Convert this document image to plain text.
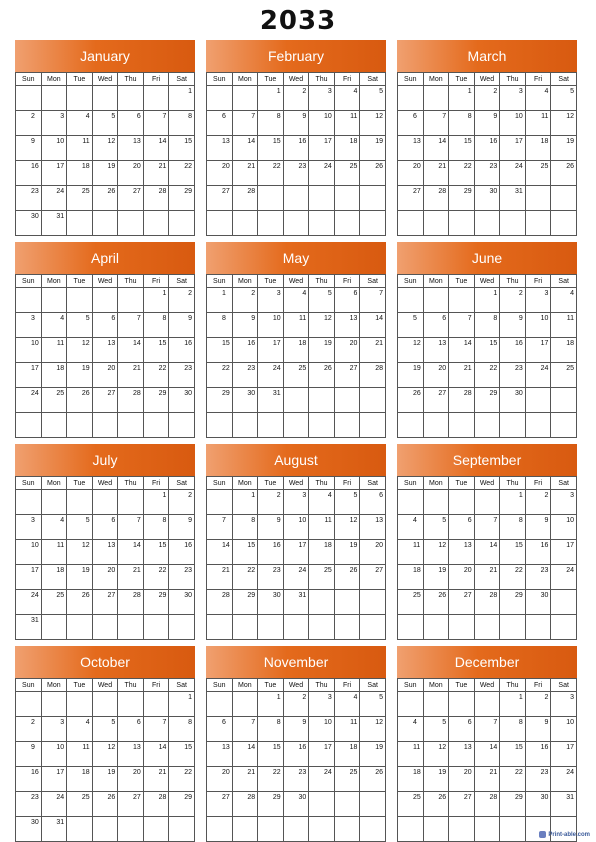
2033
January
Sun	Mon	Tue	Wed	Thu	Fri	Sat
						1
2	3	4	5	6	7	8
9	10	11	12	13	14	15
16	17	18	19	20	21	22
23	24	25	26	27	28	29
30	31					
February
Sun	Mon	Tue	Wed	Thu	Fri	Sat
		1	2	3	4	5
6	7	8	9	10	11	12
13	14	15	16	17	18	19
20	21	22	23	24	25	26
27	28					

March
Sun	Mon	Tue	Wed	Thu	Fri	Sat
		1	2	3	4	5
6	7	8	9	10	11	12
13	14	15	16	17	18	19
20	21	22	23	24	25	26
27	28	29	30	31		

April
Sun	Mon	Tue	Wed	Thu	Fri	Sat
					1	2
3	4	5	6	7	8	9
10	11	12	13	14	15	16
17	18	19	20	21	22	23
24	25	26	27	28	29	30

May
Sun	Mon	Tue	Wed	Thu	Fri	Sat
1	2	3	4	5	6	7
8	9	10	11	12	13	14
15	16	17	18	19	20	21
22	23	24	25	26	27	28
29	30	31				

June
Sun	Mon	Tue	Wed	Thu	Fri	Sat
			1	2	3	4
5	6	7	8	9	10	11
12	13	14	15	16	17	18
19	20	21	22	23	24	25
26	27	28	29	30		

July
Sun	Mon	Tue	Wed	Thu	Fri	Sat
					1	2
3	4	5	6	7	8	9
10	11	12	13	14	15	16
17	18	19	20	21	22	23
24	25	26	27	28	29	30
31						
August
Sun	Mon	Tue	Wed	Thu	Fri	Sat
	1	2	3	4	5	6
7	8	9	10	11	12	13
14	15	16	17	18	19	20
21	22	23	24	25	26	27
28	29	30	31			

September
Sun	Mon	Tue	Wed	Thu	Fri	Sat
				1	2	3
4	5	6	7	8	9	10
11	12	13	14	15	16	17
18	19	20	21	22	23	24
25	26	27	28	29	30	

October
Sun	Mon	Tue	Wed	Thu	Fri	Sat
						1
2	3	4	5	6	7	8
9	10	11	12	13	14	15
16	17	18	19	20	21	22
23	24	25	26	27	28	29
30	31					
November
Sun	Mon	Tue	Wed	Thu	Fri	Sat
		1	2	3	4	5
6	7	8	9	10	11	12
13	14	15	16	17	18	19
20	21	22	23	24	25	26
27	28	29	30			

December
Sun	Mon	Tue	Wed	Thu	Fri	Sat
				1	2	3
4	5	6	7	8	9	10
11	12	13	14	15	16	17
18	19	20	21	22	23	24
25	26	27	28	29	30	31

Print-able.com
